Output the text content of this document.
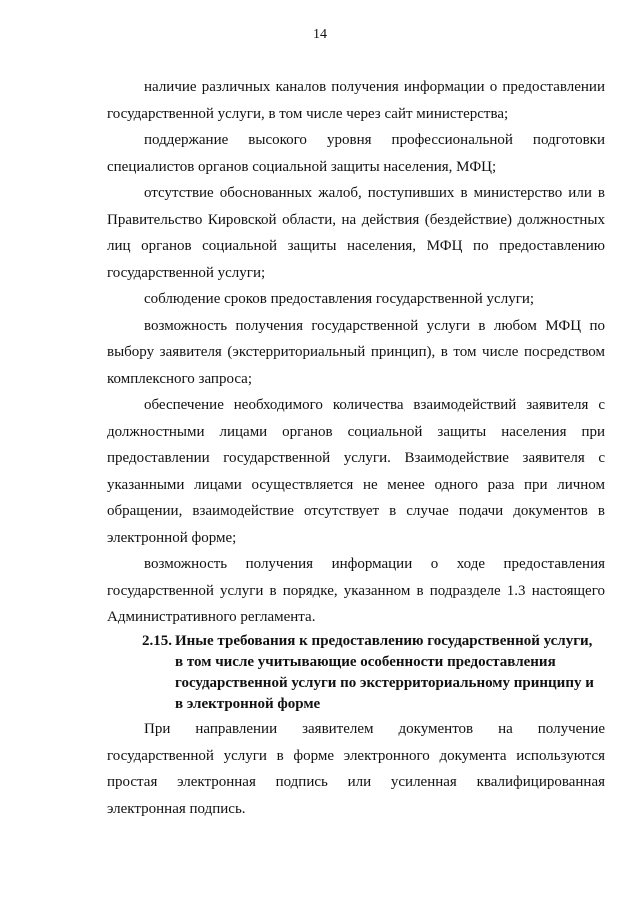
14

наличие различных каналов получения информации о предоставлении государственной услуги, в том числе через сайт министерства;

поддержание высокого уровня профессиональной подготовки специалистов органов социальной защиты населения, МФЦ;

отсутствие обоснованных жалоб, поступивших в министерство или в Правительство Кировской области, на действия (бездействие) должностных лиц органов социальной защиты населения, МФЦ по предоставлению государственной услуги;

соблюдение сроков предоставления государственной услуги;

возможность получения государственной услуги в любом МФЦ по выбору заявителя (экстерриториальный принцип), в том числе посредством комплексного запроса;

обеспечение необходимого количества взаимодействий заявителя с должностными лицами органов социальной защиты населения при предоставлении государственной услуги. Взаимодействие заявителя с указанными лицами осуществляется не менее одного раза при личном обращении, взаимодействие отсутствует в случае подачи документов в электронной форме;

возможность получения информации о ходе предоставления государственной услуги в порядке, указанном в подразделе 1.3 настоящего Административного регламента.

2.15. Иные требования к предоставлению государственной услуги,
в том числе учитывающие особенности предоставления
государственной услуги по экстерриториальному принципу и
в электронной форме

При направлении заявителем документов на получение государственной услуги в форме электронного документа используются простая электронная подпись или усиленная квалифицированная электронная подпись.
